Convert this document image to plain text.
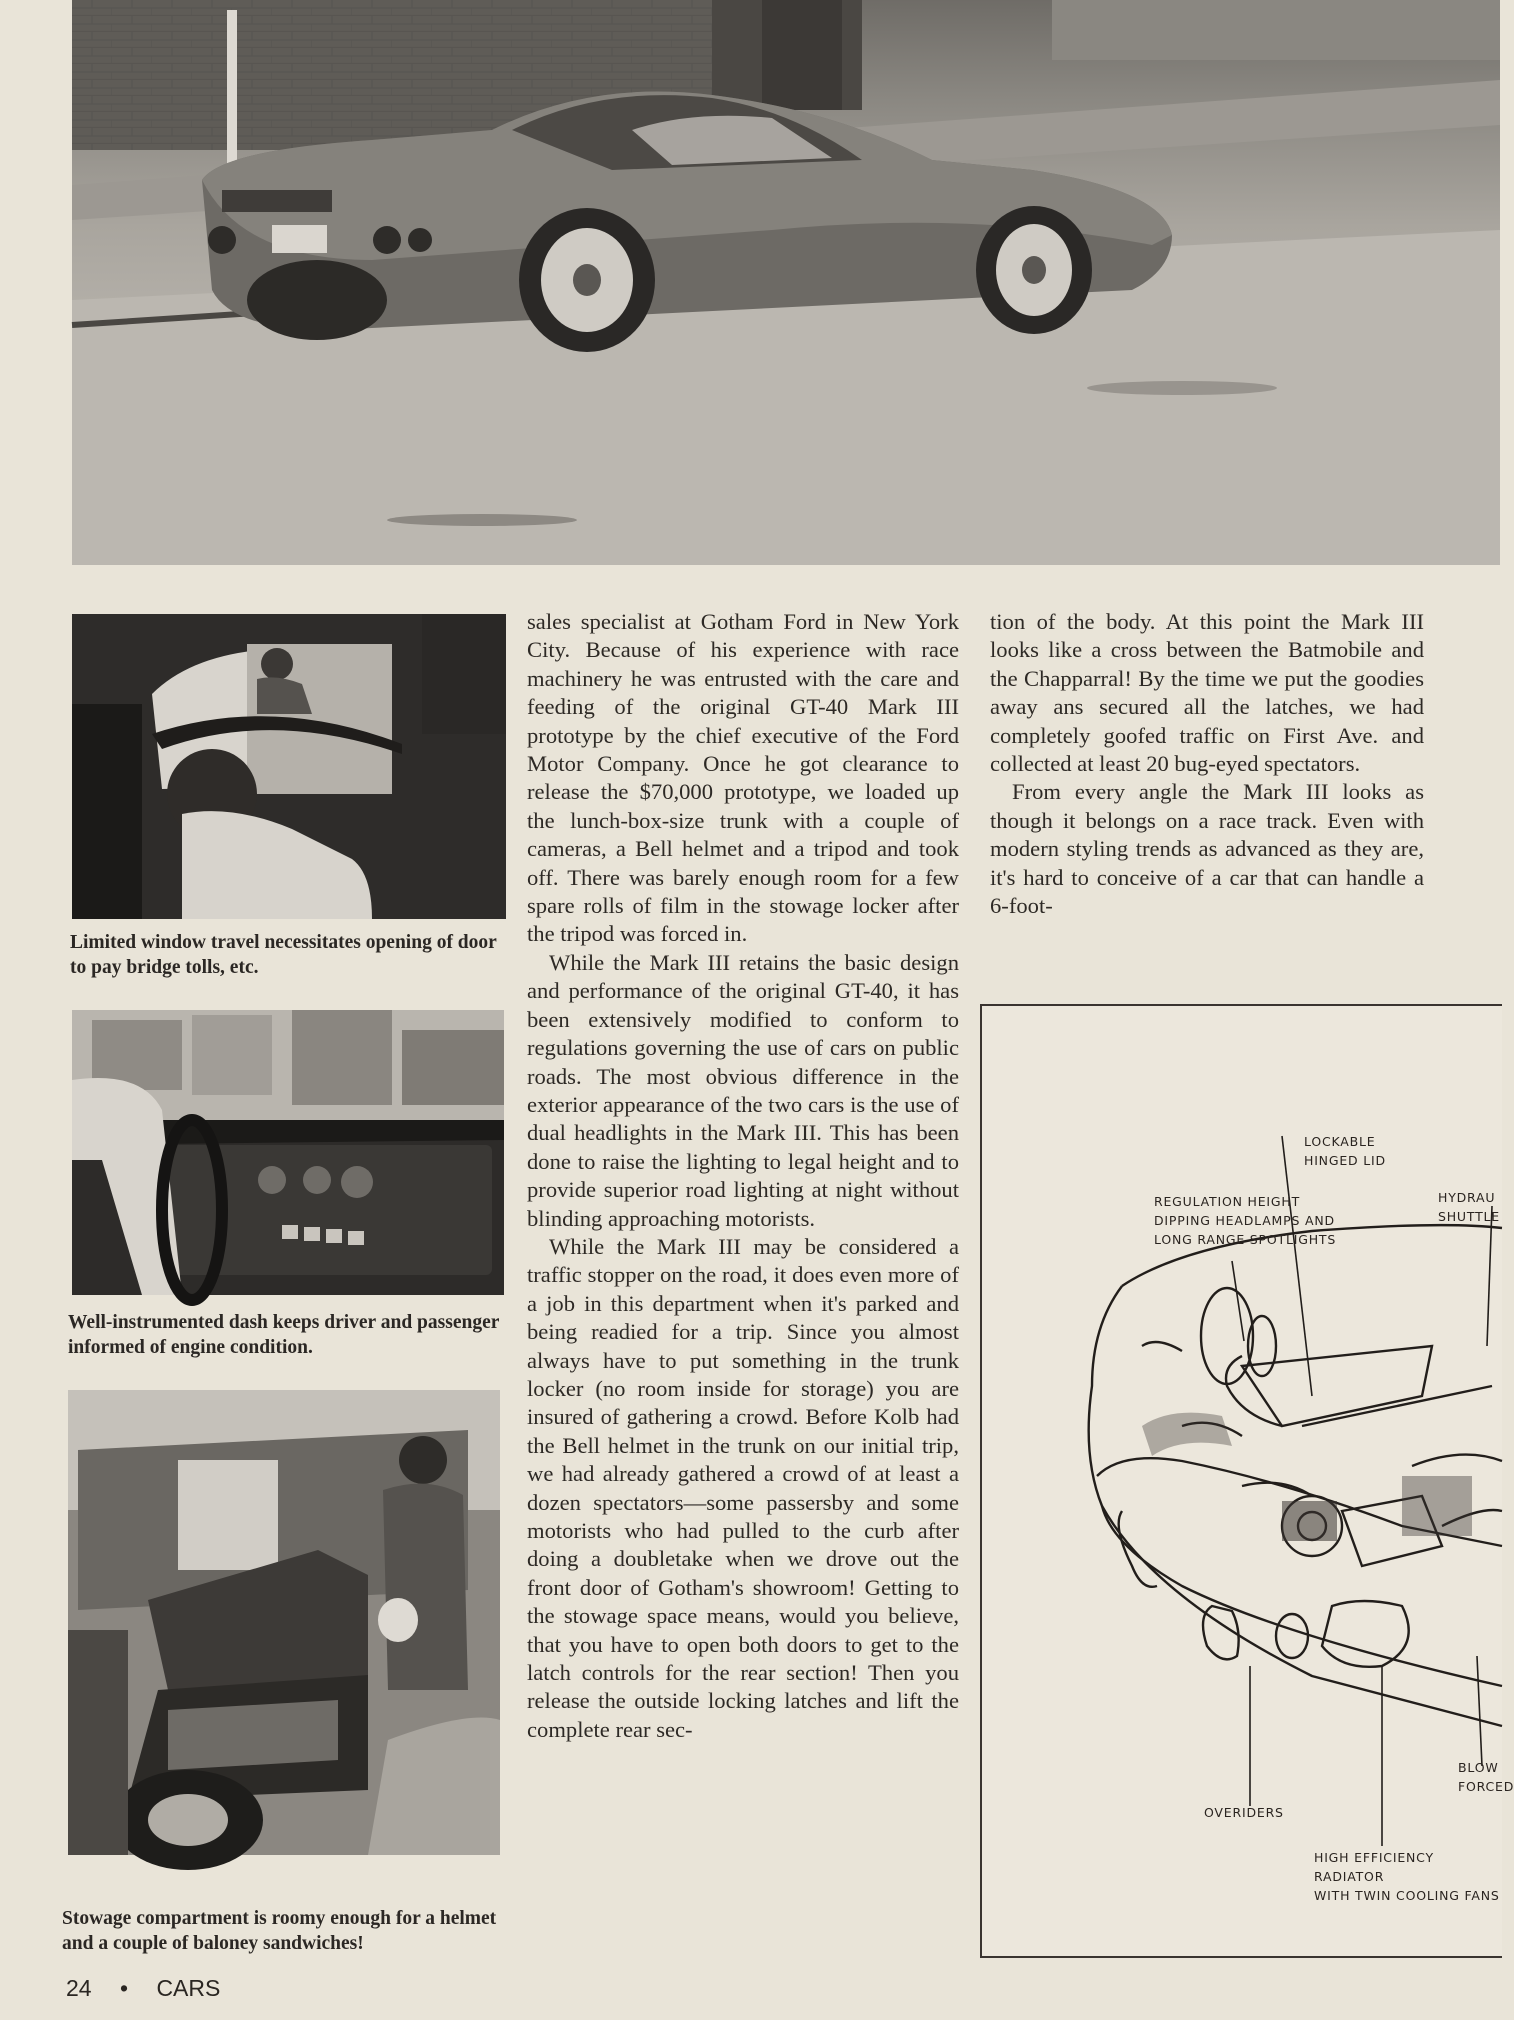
Limited window travel necessitates opening of door to pay bridge tolls, etc.

Well-instrumented dash keeps driver and passenger informed of engine condition.

Stowage compartment is roomy enough for a helmet and a couple of baloney sandwiches!

sales specialist at Gotham Ford in New York City. Because of his experience with race machinery he was entrusted with the care and feeding of the original GT-40 Mark III prototype by the chief executive of the Ford Motor Company. Once he got clearance to release the $70,000 prototype, we loaded up the lunch-box-size trunk with a couple of cameras, a Bell helmet and a tripod and took off. There was barely enough room for a few spare rolls of film in the stowage locker after the tripod was forced in.

While the Mark III retains the basic design and performance of the original GT-40, it has been extensively modified to conform to regulations governing the use of cars on public roads. The most obvious difference in the exterior appearance of the two cars is the use of dual headlights in the Mark III. This has been done to raise the lighting to legal height and to provide superior road lighting at night without blinding approaching motorists.

While the Mark III may be considered a traffic stopper on the road, it does even more of a job in this department when it's parked and being readied for a trip. Since you almost always have to put something in the trunk locker (no room inside for storage) you are insured of gathering a crowd. Before Kolb had the Bell helmet in the trunk on our initial trip, we had already gathered a crowd of at least a dozen spectators—some passersby and some motorists who had pulled to the curb after doing a doubletake when we drove out the front door of Gotham's showroom! Getting to the stowage space means, would you believe, that you have to open both doors to get to the latch controls for the rear section! Then you release the outside locking latches and lift the complete rear sec-

tion of the body. At this point the Mark III looks like a cross between the Batmobile and the Chapparral! By the time we put the goodies away ans secured all the latches, we had completely goofed traffic on First Ave. and collected at least 20 bug-eyed spectators.

From every angle the Mark III looks as though it belongs on a race track. Even with modern styling trends as advanced as they are, it's hard to conceive of a car that can handle a 6-foot-

LOCKABLE
HINGED LID
REGULATION HEIGHT
DIPPING HEADLAMPS AND
LONG RANGE SPOTLIGHTS
HYDRAU
SHUTTLE
OVERIDERS
BLOW
FORCED
HIGH EFFICIENCY RADIATOR
WITH TWIN COOLING FANS
24 • CARS
